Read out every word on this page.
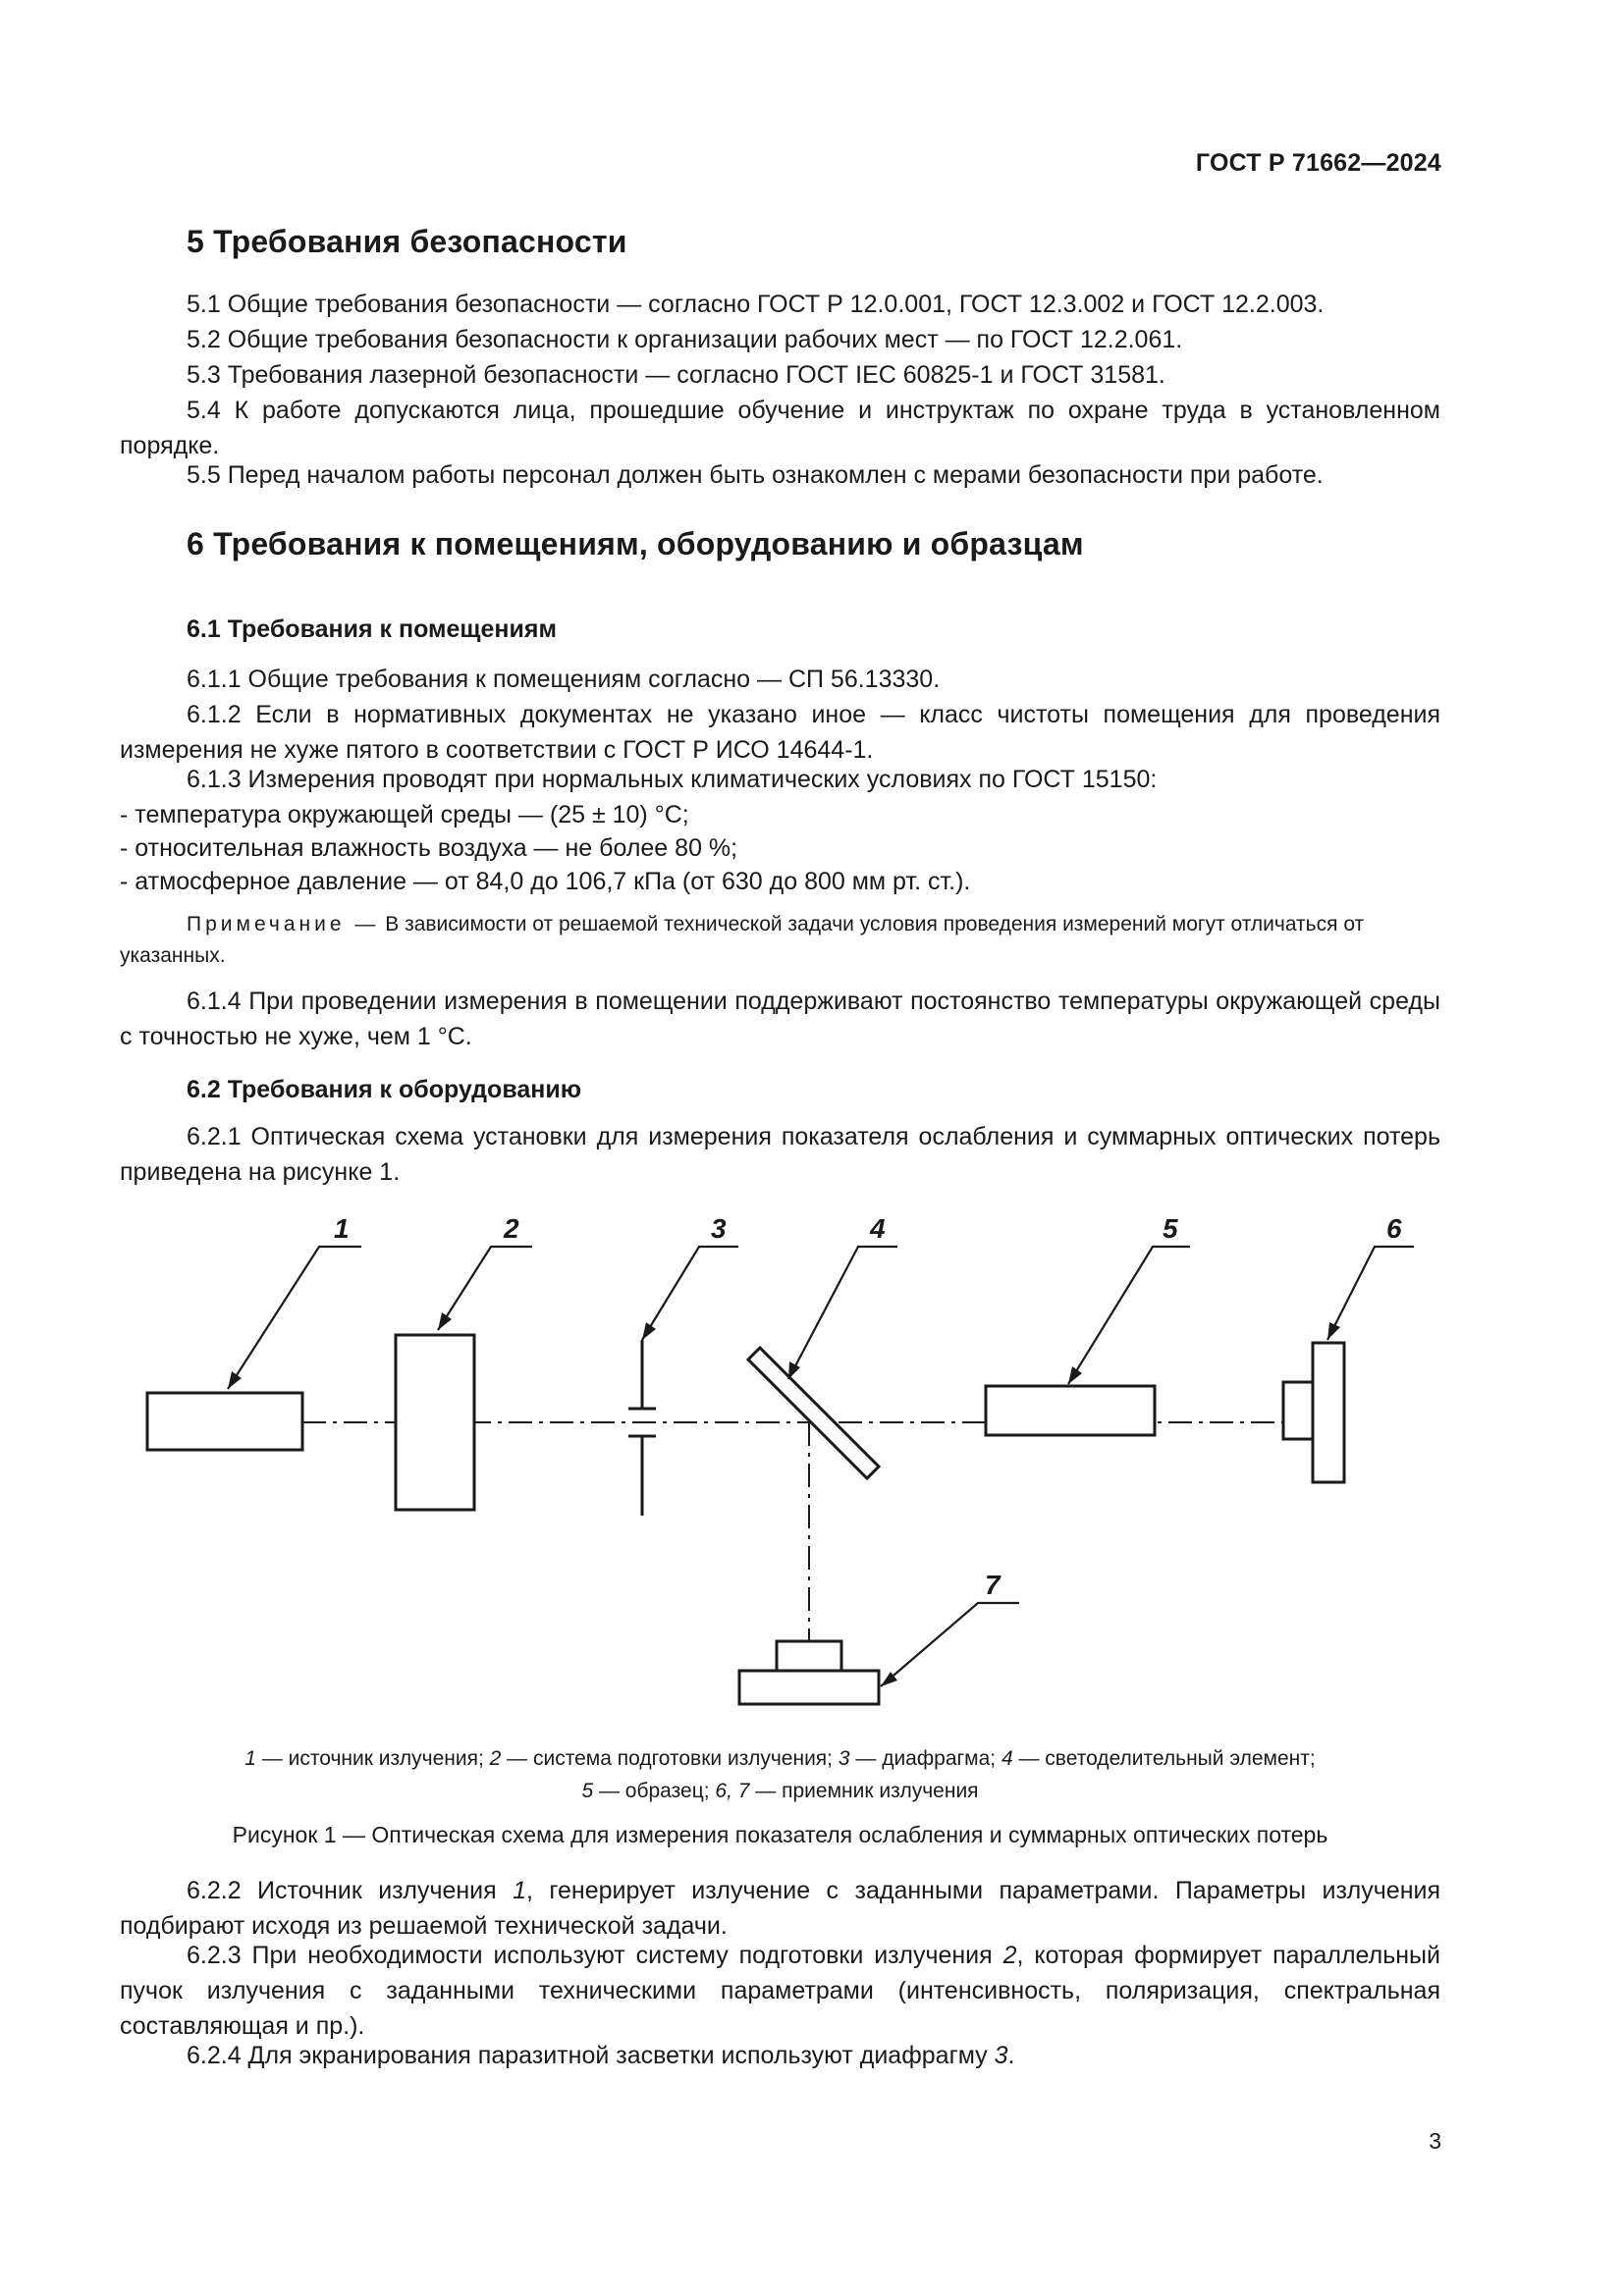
ГОСТ Р 71662—2024
5 Требования безопасности

5.1 Общие требования безопасности — согласно ГОСТ Р 12.0.001, ГОСТ 12.3.002 и ГОСТ 12.2.003.

5.2 Общие требования безопасности к организации рабочих мест — по ГОСТ 12.2.061.

5.3 Требования лазерной безопасности — согласно ГОСТ IEC 60825-1 и ГОСТ 31581.

5.4 К работе допускаются лица, прошедшие обучение и инструктаж по охране труда в установленном порядке.

5.5 Перед началом работы персонал должен быть ознакомлен с мерами безопасности при работе.

6 Требования к помещениям, оборудованию и образцам
6.1 Требования к помещениям

6.1.1 Общие требования к помещениям согласно — СП 56.13330.

6.1.2 Если в нормативных документах не указано иное — класс чистоты помещения для проведения измерения не хуже пятого в соответствии с ГОСТ Р ИСО 14644-1.

6.1.3 Измерения проводят при нормальных климатических условиях по ГОСТ 15150:

- температура окружающей среды — (25 ± 10) °С;

- относительная влажность воздуха — не более 80 %;

- атмосферное давление — от 84,0 до 106,7 кПа (от 630 до 800 мм рт. ст.).

Примечание — В зависимости от решаемой технической задачи условия проведения измерений могут отличаться от указанных.

6.1.4 При проведении измерения в помещении поддерживают постоянство температуры окружающей среды с точностью не хуже, чем 1 °С.

6.2 Требования к оборудованию

6.2.1 Оптическая схема установки для измерения показателя ослабления и суммарных оптических потерь приведена на рисунке 1.

1	2	3	4	5	6
7

1 — источник излучения; 2 — система подготовки излучения; 3 — диафрагма; 4 — светоделительный элемент;

5 — образец; 6, 7 — приемник излучения

Рисунок 1 — Оптическая схема для измерения показателя ослабления и суммарных оптических потерь

6.2.2 Источник излучения 1, генерирует излучение с заданными параметрами. Параметры излучения подбирают исходя из решаемой технической задачи.

6.2.3 При необходимости используют систему подготовки излучения 2, которая формирует параллельный пучок излучения с заданными техническими параметрами (интенсивность, поляризация, спектральная составляющая и пр.).

6.2.4 Для экранирования паразитной засветки используют диафрагму 3.

3
